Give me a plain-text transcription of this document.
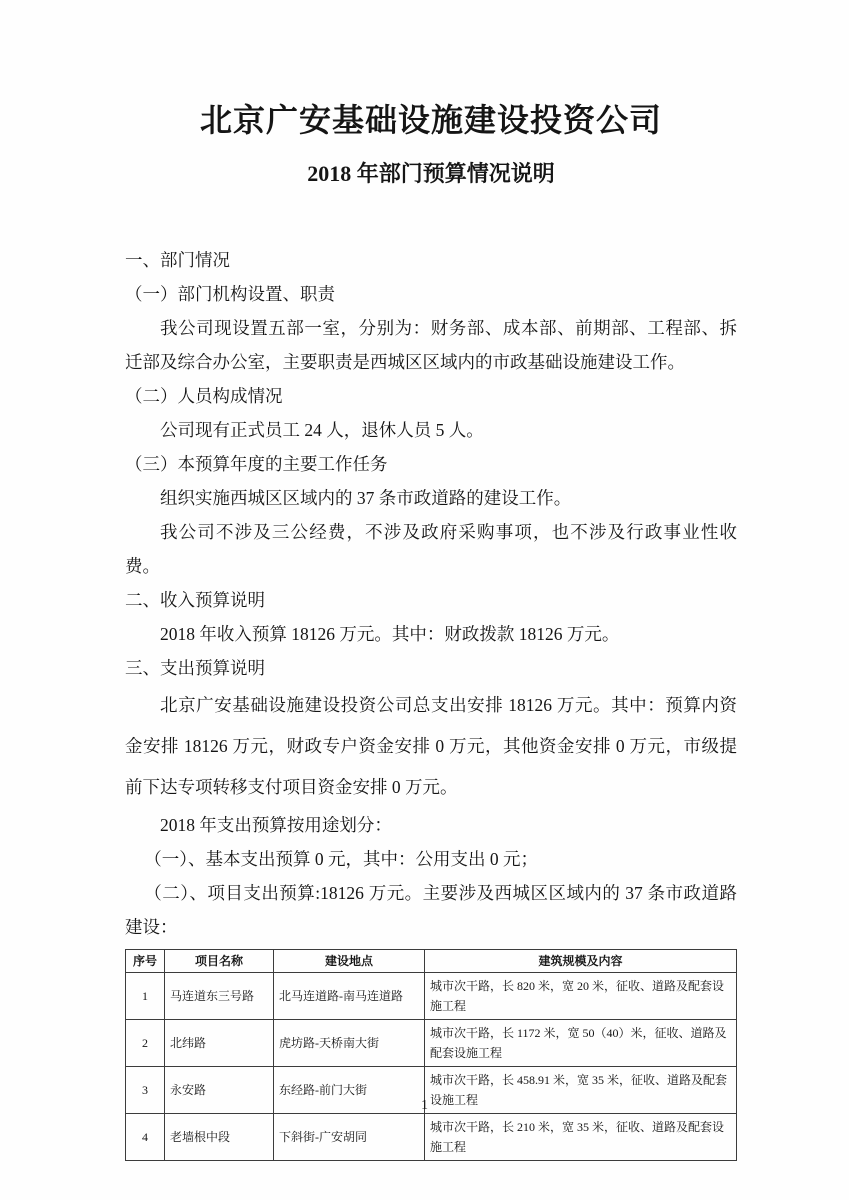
北京广安基础设施建设投资公司
2018 年部门预算情况说明

一、部门情况

（一）部门机构设置、职责

我公司现设置五部一室，分别为：财务部、成本部、前期部、工程部、拆迁部及综合办公室，主要职责是西城区区域内的市政基础设施建设工作。

（二）人员构成情况

公司现有正式员工 24 人，退休人员 5 人。

（三）本预算年度的主要工作任务

组织实施西城区区域内的 37 条市政道路的建设工作。

我公司不涉及三公经费，不涉及政府采购事项，也不涉及行政事业性收费。

二、收入预算说明

2018 年收入预算 18126 万元。其中：财政拨款 18126 万元。

三、支出预算说明

北京广安基础设施建设投资公司总支出安排 18126 万元。其中：预算内资金安排 18126 万元，财政专户资金安排 0 万元，其他资金安排 0 万元，市级提前下达专项转移支付项目资金安排 0 万元。

2018 年支出预算按用途划分：

（一）、基本支出预算 0 元，其中：公用支出 0 元；

（二）、项目支出预算:18126 万元。主要涉及西城区区域内的 37 条市政道路建设：

序号	项目名称	建设地点	建筑规模及内容
1	马连道东三号路	北马连道路-南马连道路	城市次干路，长 820 米，宽 20 米，征收、道路及配套设施工程
2	北纬路	虎坊路-天桥南大街	城市次干路，长 1172 米，宽 50（40）米，征收、道路及配套设施工程
3	永安路	东经路-前门大街	城市次干路，长 458.91 米，宽 35 米，征收、道路及配套设施工程
4	老墙根中段	下斜街-广安胡同	城市次干路，长 210 米，宽 35 米，征收、道路及配套设施工程
1
